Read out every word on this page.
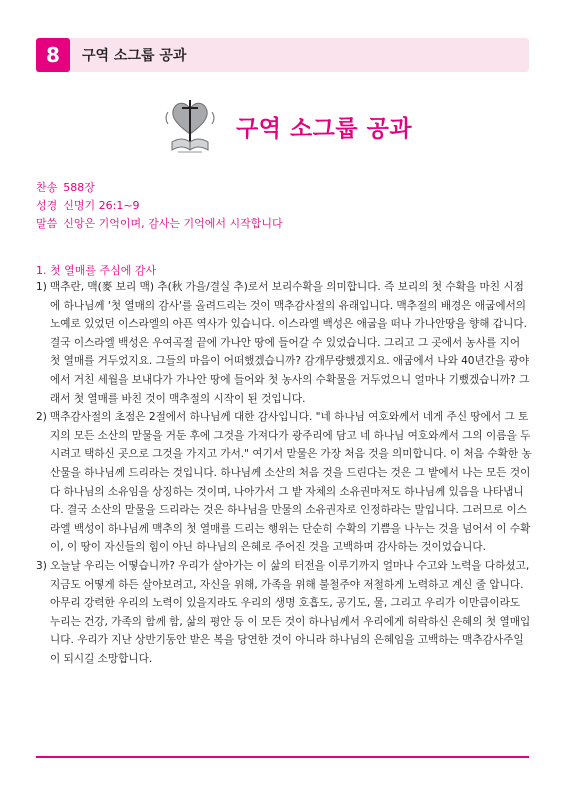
8	구역 소그룹 공과
구역 소그룹 공과
찬송 588장
성경 신명기 26:1~9
말씀 신앙은 기억이며, 감사는 기억에서 시작합니다
1. 첫 열매를 주심에 감사
1) 맥추란, 맥(麥 보리 맥) 추(秋 가을/결실 추)로서 보리수확을 의미합니다. 즉 보리의 첫 수확을 마친 시점에 하나님께 '첫 열매의 감사'를 올려드리는 것이 맥추감사절의 유래입니다. 맥추절의 배경은 애굽에서의 노예로 있었던 이스라엘의 아픈 역사가 있습니다. 이스라엘 백성은 애굽을 떠나 가나안땅을 향해 갑니다. 결국 이스라엘 백성은 우여곡절 끝에 가나안 땅에 들어갈 수 있었습니다. 그리고 그 곳에서 농사를 지어 첫 열매를 거두었지요. 그들의 마음이 어떠했겠습니까? 감개무량했겠지요. 애굽에서 나와 40년간을 광야에서 거친 세월을 보내다가 가나안 땅에 들어와 첫 농사의 수확물을 거두었으니 얼마나 기뻤겠습니까? 그래서 첫 열매를 바친 것이 맥추절의 시작이 된 것입니다.
2) 맥추감사절의 초점은 2절에서 하나님께 대한 감사입니다. "네 하나님 여호와께서 네게 주신 땅에서 그 토지의 모든 소산의 맏물을 거둔 후에 그것을 가져다가 광주리에 담고 네 하나님 여호와께서 그의 이름을 두시려고 택하신 곳으로 그것을 가지고 가서." 여기서 맏물은 가장 처음 것을 의미합니다. 이 처음 수확한 농산물을 하나님께 드리라는 것입니다. 하나님께 소산의 처음 것을 드린다는 것은 그 밭에서 나는 모든 것이 다 하나님의 소유임을 상징하는 것이며, 나아가서 그 밭 자체의 소유권마저도 하나님께 있음을 나타냅니다. 결국 소산의 맏물을 드리라는 것은 하나님을 만물의 소유권자로 인정하라는 말입니다. 그러므로 이스라엘 백성이 하나님께 맥추의 첫 열매를 드리는 행위는 단순히 수확의 기쁨을 나누는 것을 넘어서 이 수확이, 이 땅이 자신들의 힘이 아닌 하나님의 은혜로 주어진 것을 고백하며 감사하는 것이었습니다.
3) 오늘날 우리는 어떻습니까? 우리가 살아가는 이 삶의 터전을 이루기까지 얼마나 수고와 노력을 다하셨고, 지금도 어떻게 하든 살아보려고, 자신을 위해, 가족을 위해 불철주야 저철하게 노력하고 계신 줄 압니다. 아무리 강력한 우리의 노력이 있을지라도 우리의 생명 호흡도, 공기도, 물, 그리고 우리가 이만큼이라도 누리는 건강, 가족의 함께 함, 삶의 평안 등 이 모든 것이 하나님께서 우리에게 허락하신 은혜의 첫 열매입니다. 우리가 지난 상반기동안 받은 복을 당연한 것이 아니라 하나님의 은혜임을 고백하는 맥추감사주일이 되시길 소망합니다.
